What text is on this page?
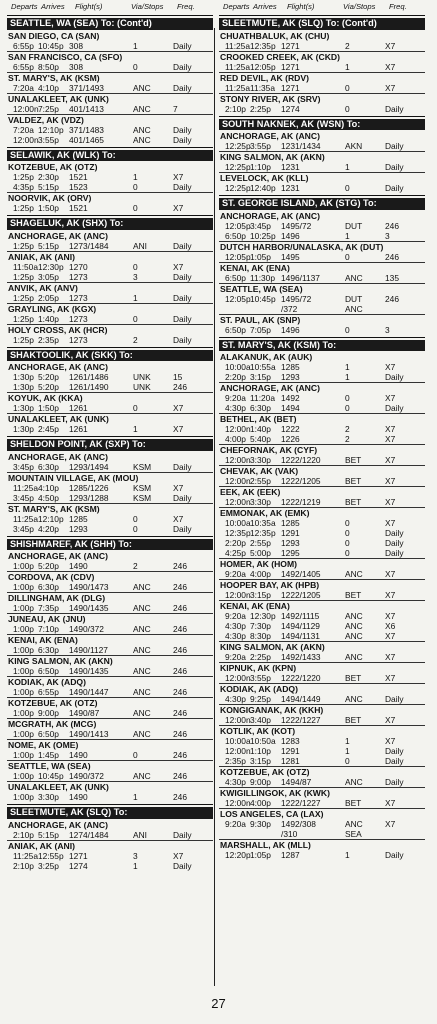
Departs Arrives Flight(s)	Via/Stops Freq.
SEATTLE, WA (SEA) To: (Cont'd)
SAN DIEGO, CA (SAN)
6:55p 10:45p 308	1	Daily
SAN FRANCISCO, CA (SFO)
6:55p 8:50p 308	0	Daily
ST. MARY'S, AK (KSM)
7:20a 4:10p 371/1493	ANC	Daily
UNALAKLEET, AK (UNK)
12:00n 7:25p 401/1413	ANC	7
VALDEZ, AK (VDZ)
7:20a 12:10p 371/1483	ANC	Daily
12:00n 3:55p 401/1465	ANC	Daily
SELAWIK, AK (WLK) To:
KOTZEBUE, AK (OTZ)
1:25p 2:30p 1521	1	X7
4:35p 5:15p 1523	0	Daily
NOORVIK, AK (ORV)
1:25p 1:50p 1521	0	X7
SHAGELUK, AK (SHX) To:
ANCHORAGE, AK (ANC)
1:25p 5:15p 1273/1484	ANI	Daily
ANIAK, AK (ANI)
11:50a 12:30p 1270	0	X7
1:25p 3:05p 1273	3	Daily
ANVIK, AK (ANV)
1:25p 2:05p 1273	1	Daily
GRAYLING, AK (KGX)
1:25p 1:40p 1273	0	Daily
HOLY CROSS, AK (HCR)
1:25p 2:35p 1273	2	Daily
SHAKTOOLIK, AK (SKK) To:
ANCHORAGE, AK (ANC)
1:30p 5:20p 1261/1486	UNK	15
1:30p 5:20p 1261/1490	UNK	246
KOYUK, AK (KKA)
1:30p 1:50p 1261	0	X7
UNALAKLEET, AK (UNK)
1:30p 2:45p 1261	1	X7
SHELDON POINT, AK (SXP) To:
ANCHORAGE, AK (ANC)
3:45p 6:30p 1293/1494	KSM	Daily
MOUNTAIN VILLAGE, AK (MOU)
11:25a 4:10p 1285/1226	KSM	X7
3:45p 4:50p 1293/1288	KSM	Daily
ST. MARY'S, AK (KSM)
11:25a 12:10p 1285	0	X7
3:45p 4:20p 1293	0	Daily
SHISHMAREF, AK (SHH) To:
ANCHORAGE, AK (ANC)
1:00p 5:20p 1490	2	246
CORDOVA, AK (CDV)
1:00p 6:30p 1490/1473	ANC	246
DILLINGHAM, AK (DLG)
1:00p 7:35p 1490/1435	ANC	246
JUNEAU, AK (JNU)
1:00p 7:10p 1490/372	ANC	246
KENAI, AK (ENA)
1:00p 6:30p 1490/1127	ANC	246
KING SALMON, AK (AKN)
1:00p 6:50p 1490/1435	ANC	246
KODIAK, AK (ADQ)
1:00p 6:55p 1490/1447	ANC	246
KOTZEBUE, AK (OTZ)
1:00p 9:00p 1490/87	ANC	246
MCGRATH, AK (MCG)
1:00p 6:50p 1490/1413	ANC	246
NOME, AK (OME)
1:00p 1:45p 1490	0	246
SEATTLE, WA (SEA)
1:00p 10:45p 1490/372	ANC	246
UNALAKLEET, AK (UNK)
1:00p 3:30p 1490	1	246
SLEETMUTE, AK (SLQ) To:
ANCHORAGE, AK (ANC)
2:10p 5:15p 1274/1484	ANI	Daily
ANIAK, AK (ANI)
11:25a 12:55p 1271	3	X7
2:10p 3:25p 1274	1	Daily
Departs Arrives Flight(s)	Via/Stops Freq.
SLEETMUTE, AK (SLQ) To: (Cont'd)
CHUATHBALUK, AK (CHU)
11:25a 12:35p 1271	2	X7
CROOKED CREEK, AK (CKD)
11:25a 12:05p 1271	1	X7
RED DEVIL, AK (RDV)
11:25a 11:35a 1271	0	X7
STONY RIVER, AK (SRV)
2:10p 2:25p 1274	0	Daily
SOUTH NAKNEK, AK (WSN) To:
ANCHORAGE, AK (ANC)
12:25p 3:55p 1231/1434	AKN	Daily
KING SALMON, AK (AKN)
12:25p 1:10p 1231	1	Daily
LEVELOCK, AK (KLL)
12:25p 12:40p 1231	0	Daily
ST. GEORGE ISLAND, AK (STG) To:
ANCHORAGE, AK (ANC)
12:05p 3:45p 1495/72	DUT	246
6:50p 10:25p 1496	1	3
DUTCH HARBOR/UNALASKA, AK (DUT)
12:05p 1:05p 1495	0	246
KENAI, AK (ENA)
6:50p 11:30p 1496/1137	ANC	135
SEATTLE, WA (SEA)
12:05p 10:45p 1495/72	DUT	246
/372	ANC
ST. PAUL, AK (SNP)
6:50p 7:05p 1496	0	3
ST. MARY'S, AK (KSM) To:
ALAKANUK, AK (AUK)
10:00a 10:55a 1285	1	X7
2:20p 3:15p 1293	1	Daily
ANCHORAGE, AK (ANC)
9:20a 11:20a 1492	0	X7
4:30p 6:30p 1494	0	Daily
BETHEL, AK (BET)
12:00n 1:40p 1222	2	X7
4:00p 5:40p 1226	2	X7
CHEFORNAK, AK (CYF)
12:00n 3:30p 1222/1220	BET	X7
CHEVAK, AK (VAK)
12:00n 2:55p 1222/1205	BET	X7
EEK, AK (EEK)
12:00n 3:30p 1222/1219	BET	X7
EMMONAK, AK (EMK)
10:00a 10:35a 1285	0	X7
12:35p 12:35p 1291	0	Daily
2:20p 2:55p 1293	0	Daily
4:25p 5:00p 1295	0	Daily
HOMER, AK (HOM)
9:20a 4:00p 1492/1405	ANC	X7
HOOPER BAY, AK (HPB)
12:00n 3:15p 1222/1205	BET	X7
KENAI, AK (ENA)
9:20a 12:30p 1492/1115	ANC	X7
4:30p 7:30p 1494/1129	ANC	X6
4:30p 8:30p 1494/1131	ANC	X7
KING SALMON, AK (AKN)
9:20a 2:25p 1492/1433	ANC	X7
KIPNUK, AK (KPN)
12:00n 3:55p 1222/1220	BET	X7
KODIAK, AK (ADQ)
4:30p 9:25p 1494/1449	ANC	Daily
KONGIGANAK, AK (KKH)
12:00n 3:40p 1222/1227	BET	X7
KOTLIK, AK (KOT)
10:00a 10:50a 1283	1	X7
12:00n 1:10p 1291	1	Daily
2:35p 3:15p 1281	0	Daily
KOTZEBUE, AK (OTZ)
4:30p 9:00p 1494/87	ANC	Daily
KWIGILLINGOK, AK (KWK)
12:00n 4:00p 1222/1227	BET	X7
LOS ANGELES, CA (LAX)
9:20a 9:30p 1492/308	ANC	X7
/310	SEA
MARSHALL, AK (MLL)
12:20p 1:05p 1287	1	Daily
27
